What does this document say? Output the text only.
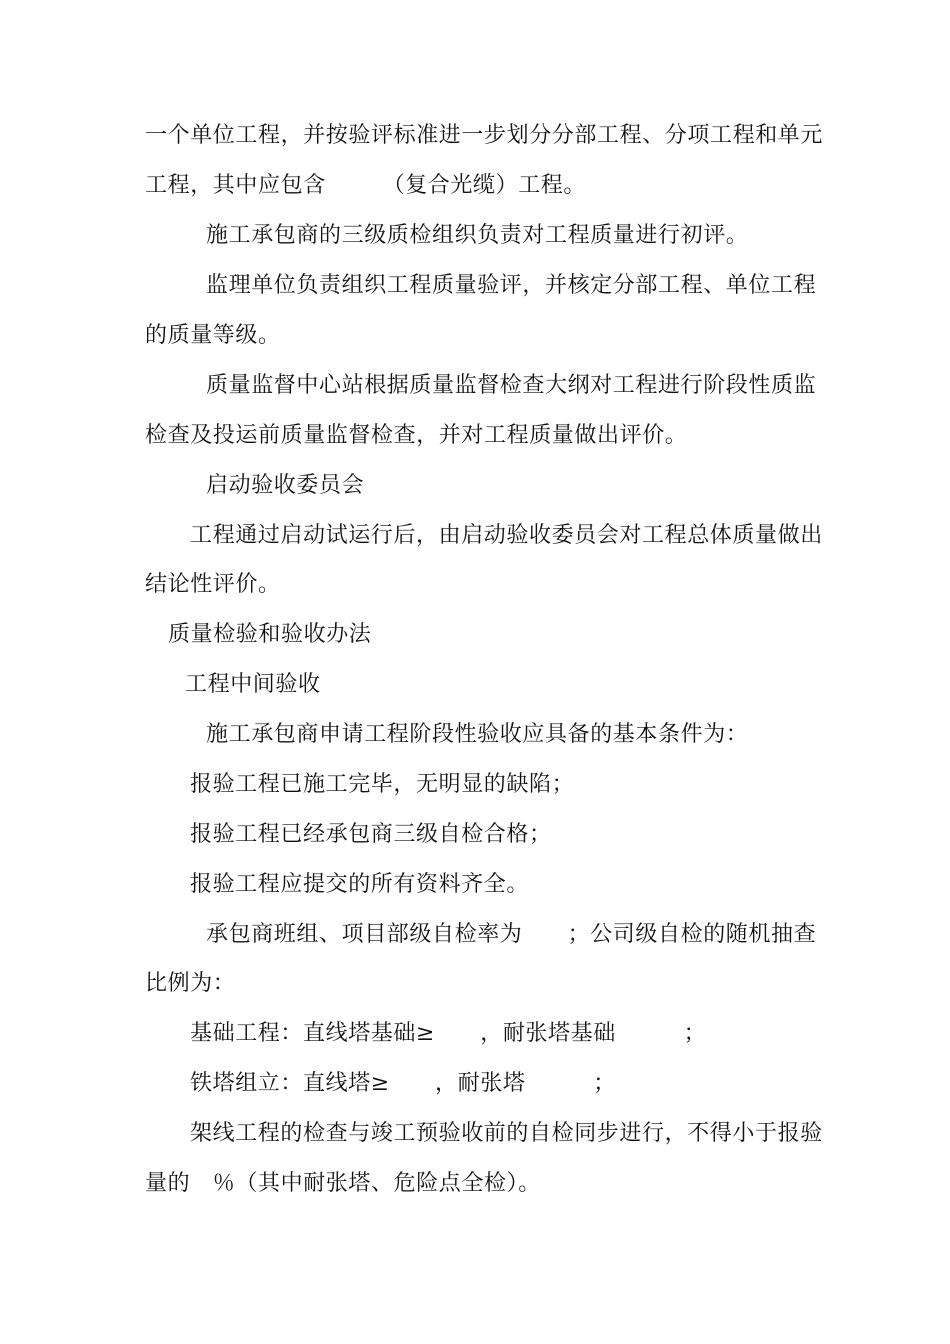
一个单位工程，并按验评标准进一步划分分部工程、分项工程和单元
工程，其中应包含　　　（复合光缆）工程。
施工承包商的三级质检组织负责对工程质量进行初评。
监理单位负责组织工程质量验评，并核定分部工程、单位工程
的质量等级。
质量监督中心站根据质量监督检查大纲对工程进行阶段性质监
检查及投运前质量监督检查，并对工程质量做出评价。
启动验收委员会
工程通过启动试运行后，由启动验收委员会对工程总体质量做出
结论性评价。
质量检验和验收办法
工程中间验收
施工承包商申请工程阶段性验收应具备的基本条件为：
报验工程已施工完毕，无明显的缺陷；
报验工程已经承包商三级自检合格；
报验工程应提交的所有资料齐全。
承包商班组、项目部级自检率为　　；公司级自检的随机抽查
比例为：
基础工程：直线塔基础≥　　，耐张塔基础　　　；
铁塔组立：直线塔≥　　，耐张塔　　　；
架线工程的检查与竣工预验收前的自检同步进行，不得小于报验
量的　％（其中耐张塔、危险点全检）。
